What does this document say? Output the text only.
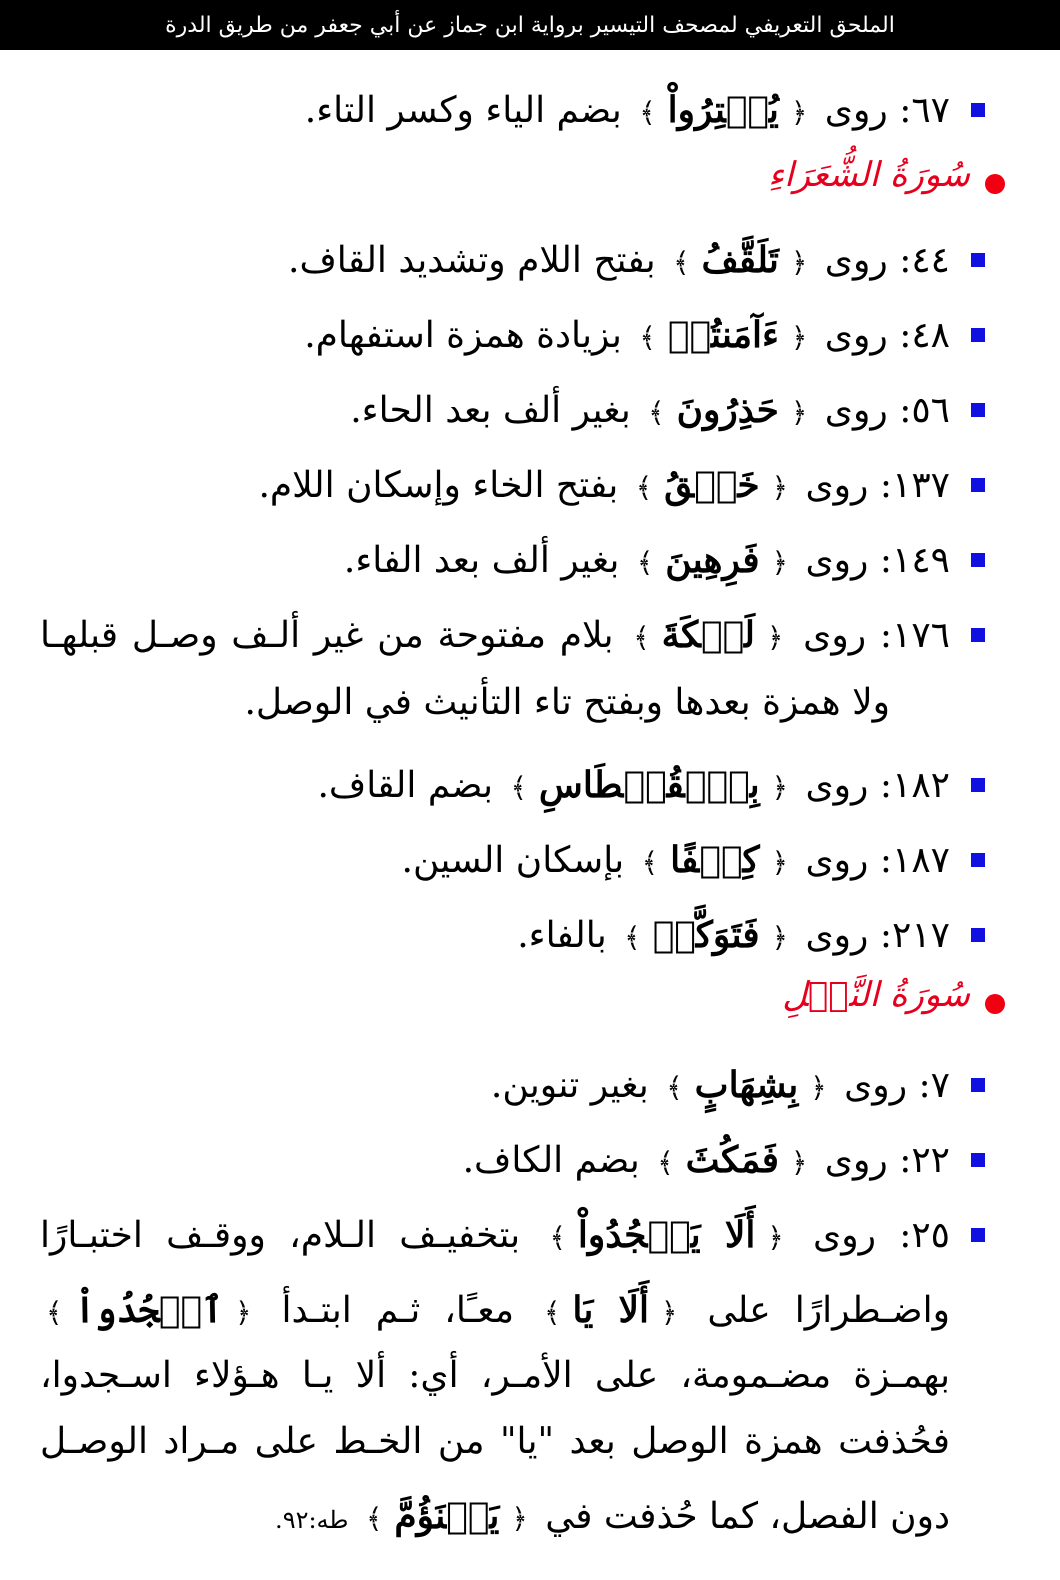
الملحق التعريفي لمصحف التيسير برواية ابن جماز عن أبي جعفر من طريق الدرة
سُورَةُ الشُّعَرَاءِ
سُورَةُ النَّمۡلِ
واضـطرارًا على ﴿أَلَا يَا﴾ معـًا، ثـم ابتـدأ ﴿ٱسۡجُدُواْ﴾
بهمـزة مضـمومة، على الأمـر، أي: ألا يـا هـؤلاء اسـجدوا،
فحُذفت همزة الوصل بعد "يا" من الخـط على مـراد الوصـل
دون الفصل، كما حُذفت في ﴿يَبۡنَؤُمَّ﴾ طه:٩٢.
٦٧: روى ﴿يُقۡتِرُواْ﴾ بضم الياء وكسر التاء.
٤٤: روى ﴿تَلَقَّفُ﴾ بفتح اللام وتشديد القاف.
٤٨: روى ﴿ءَآمَنتُمۡ﴾ بزيادة همزة استفهام.
٥٦: روى ﴿حَذِرُونَ﴾ بغير ألف بعد الحاء.
١٣٧: روى ﴿خَلۡقُ﴾ بفتح الخاء وإسكان اللام.
١٤٩: روى ﴿فَرِهِينَ﴾ بغير ألف بعد الفاء.
١٧٦: روى ﴿لَيۡكَةَ﴾ بلام مفتوحة من غير ألـف وصـل قبلهـا
ولا همزة بعدها وبفتح تاء التأنيث في الوصل.
١٨٢: روى ﴿بِٱلۡقُسۡطَاسِ﴾ بضم القاف.
١٨٧: روى ﴿كِسۡفًا﴾ بإسكان السين.
٢١٧: روى ﴿فَتَوَكَّلۡ﴾ بالفاء.
٧: روى ﴿بِشِهَابٍ﴾ بغير تنوين.
٢٢: روى ﴿فَمَكُثَ﴾ بضم الكاف.
٢٥: روى ﴿أَلَا يَسۡجُدُواْ﴾ بتخفيـف الـلام، ووقـف اختبـارًا
